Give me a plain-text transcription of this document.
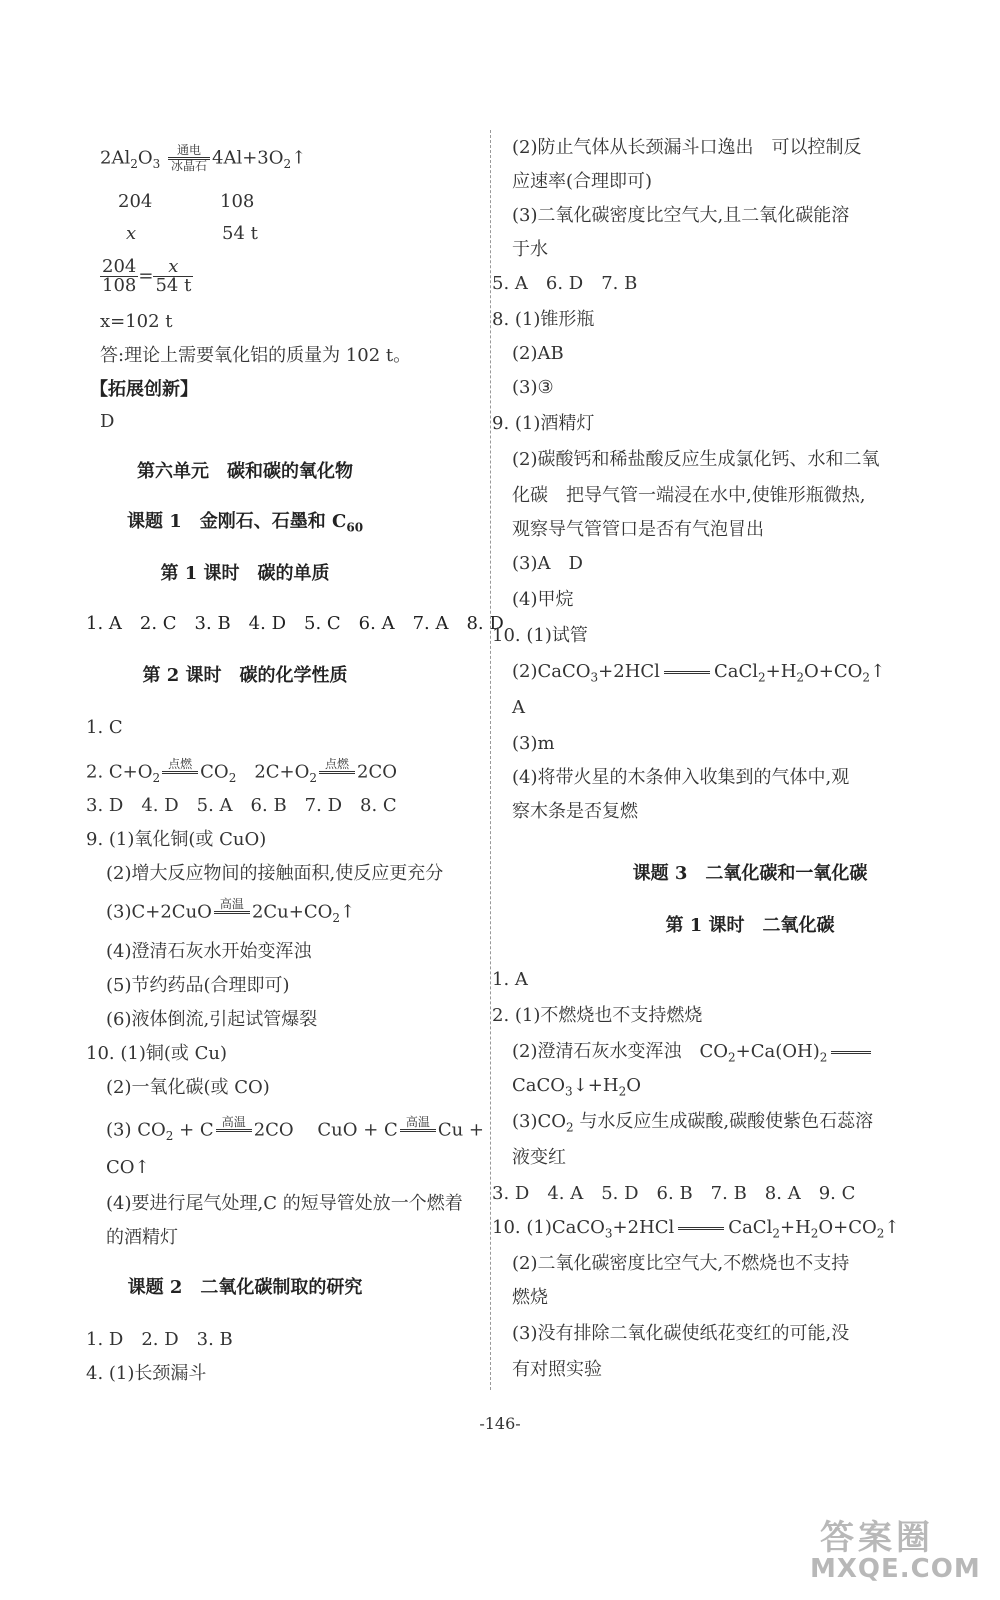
$2Al_2O_3$
通电
冰晶石 $4Al+3O_2↑$
204	108
x	54 t
$\frac{204}{108} = \frac{x}{54 t}$
x=102 t
答:理论上需要氧化铝的质量为 102 t。
【拓展创新】
D
第六单元　碳和碳的氧化物
课题 1　金刚石、石墨和 $C_{60}$
第 1 课时　碳的单质
1. A　2. C　3. B　4. D　5. C　6. A　7. A　8. D
第 2 课时　碳的化学性质
1. C
2. $C+O_2$
点燃
$CO_2$　$2C+O_2$
点燃
2CO
3. D　4. D　5. A　6. B　7. D　8. C
9. (1)氧化铜(或 CuO)
(2)增大反应物间的接触面积,使反应更充分
(3)C+2CuO 高温
$2Cu+CO_2↑$
(4)澄清石灰水开始变浑浊
(5)节约药品(合理即可)
(6)液体倒流,引起试管爆裂
10. (1)铜(或 Cu)
(2)一氧化碳(或 CO)
(3) $CO_2 + C$ 高温
2CO　 CuO + C 高温
Cu +
CO↑
(4)要进行尾气处理,C 的短导管处放一个燃着
的酒精灯
课题 2　二氧化碳制取的研究
1. D　2. D　3. B
4. (1)长颈漏斗
(2)防止气体从长颈漏斗口逸出　可以控制反
应速率(合理即可)
(3)二氧化碳密度比空气大,且二氧化碳能溶
于水
5. A　6. D　7. B
8. (1)锥形瓶
(2)AB
(3)③
9. (1)酒精灯
(2)碳酸钙和稀盐酸反应生成氯化钙、水和二氧
化碳　把导气管一端浸在水中,使锥形瓶微热,
观察导气管管口是否有气泡冒出
(3)A　D
(4)甲烷
10. (1)试管
(2)CaCO$_3$+2HCl	$CaCl_2+H_2O+CO_2↑$
A
(3)m
(4)将带火星的木条伸入收集到的气体中,观
察木条是否复燃
课题 3　二氧化碳和一氧化碳
第 1 课时　二氧化碳
1. A
2. (1)不燃烧也不支持燃烧
(2)澄清石灰水变浑浊　$CO_2+Ca(OH)_2$
$CaCO_3↓+H_2O$
$(3)CO_2$ 与水反应生成碳酸,碳酸使紫色石蕊溶
液变红
3. D　4. A　5. D　6. B　7. B　8. A　9. C
10. (1)CaCO$_3$+2HCl	$CaCl_2+H_2O+CO_2↑$
(2)二氧化碳密度比空气大,不燃烧也不支持
燃烧
(3)没有排除二氧化碳使纸花变红的可能,没
有对照实验
-146-
答案圈
MXQE.COM
